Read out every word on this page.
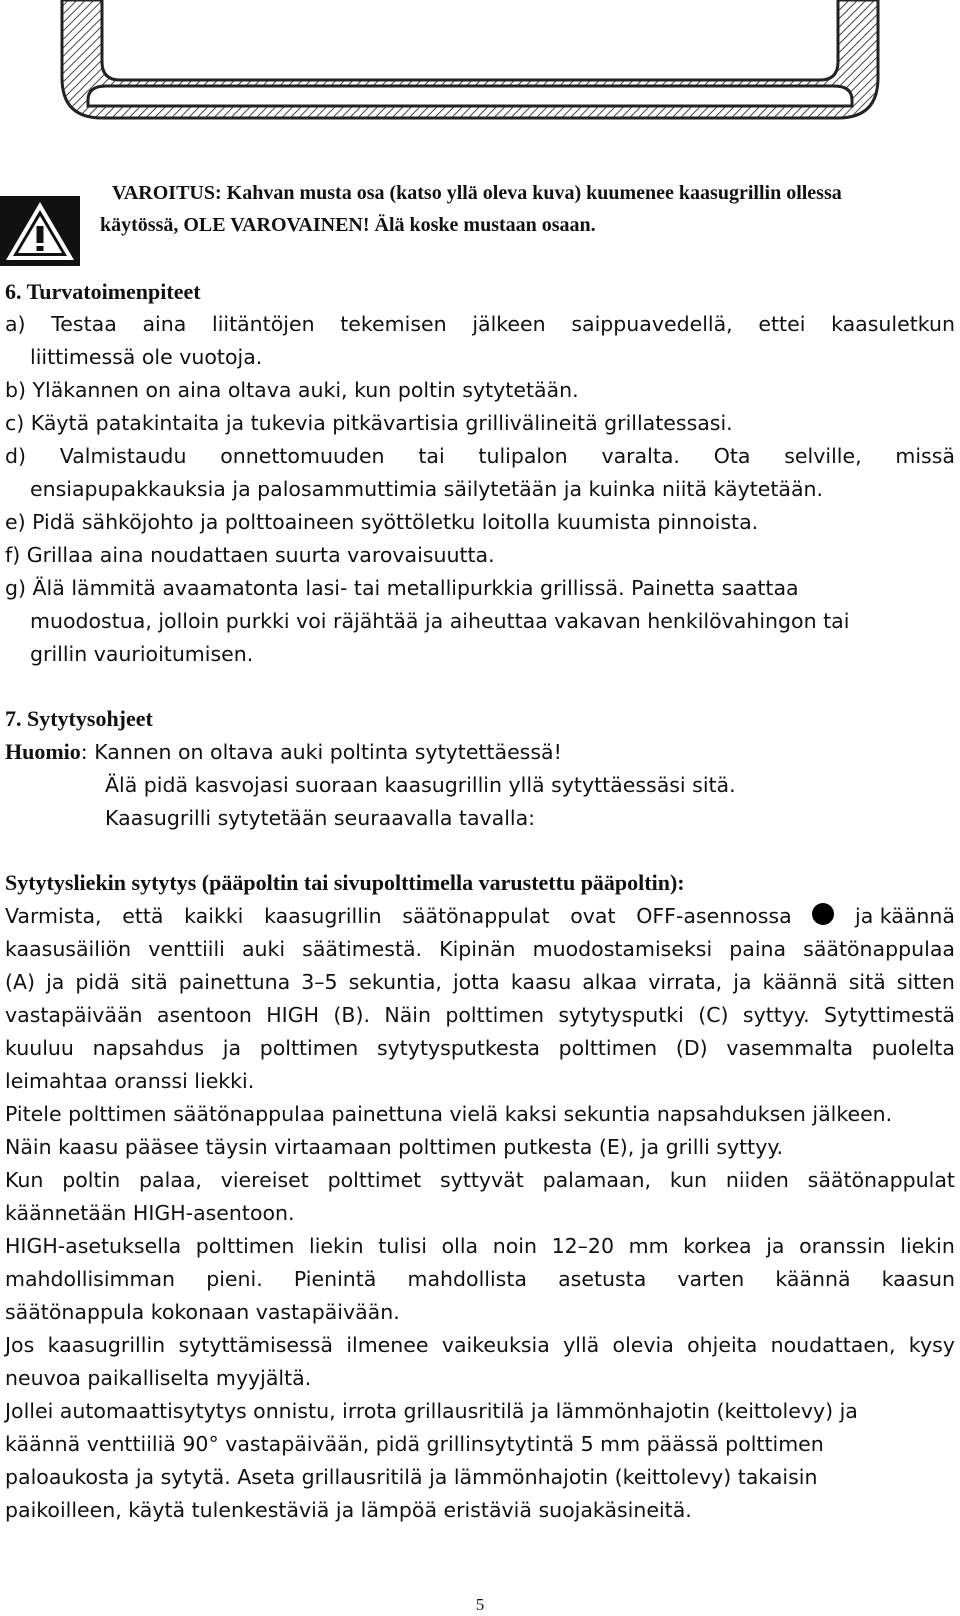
VAROITUS: Kahvan musta osa (katso yllä oleva kuva) kuumenee kaasugrillin ollessa
käytössä, OLE VAROVAINEN! Älä koske mustaan osaan.
6. Turvatoimenpiteet
a) Testaa aina liitäntöjen tekemisen jälkeen saippuavedellä, ettei kaasuletkun
liittimessä ole vuotoja.
b) Yläkannen on aina oltava auki, kun poltin sytytetään.
c) Käytä patakintaita ja tukevia pitkävartisia grillivälineitä grillatessasi.
d) Valmistaudu onnettomuuden tai tulipalon varalta. Ota selville, missä
ensiapupakkauksia ja palosammuttimia säilytetään ja kuinka niitä käytetään.
e) Pidä sähköjohto ja polttoaineen syöttöletku loitolla kuumista pinnoista.
f) Grillaa aina noudattaen suurta varovaisuutta.
g) Älä lämmitä avaamatonta lasi- tai metallipurkkia grillissä. Painetta saattaa
muodostua, jolloin purkki voi räjähtää ja aiheuttaa vakavan henkilövahingon tai
grillin vaurioitumisen.
7. Sytytysohjeet
Huomio: Kannen on oltava auki poltinta sytytettäessä!
Älä pidä kasvojasi suoraan kaasugrillin yllä sytyttäessäsi sitä.
Kaasugrilli sytytetään seuraavalla tavalla:
Sytytysliekin sytytys (pääpoltin tai sivupolttimella varustettu pääpoltin):
Varmista, että kaikki kaasugrillin säätönappulat ovat OFF-asennossa	ja käännä
kaasusäiliön venttiili auki säätimestä. Kipinän muodostamiseksi paina säätönappulaa
(A) ja pidä sitä painettuna 3–5 sekuntia, jotta kaasu alkaa virrata, ja käännä sitä sitten
vastapäivään asentoon HIGH (B). Näin polttimen sytytysputki (C) syttyy. Sytyttimestä
kuuluu napsahdus ja polttimen sytytysputkesta polttimen (D) vasemmalta puolelta
leimahtaa oranssi liekki.
Pitele polttimen säätönappulaa painettuna vielä kaksi sekuntia napsahduksen jälkeen.
Näin kaasu pääsee täysin virtaamaan polttimen putkesta (E), ja grilli syttyy.
Kun poltin palaa, viereiset polttimet syttyvät palamaan, kun niiden säätönappulat
käännetään HIGH-asentoon.
HIGH-asetuksella polttimen liekin tulisi olla noin 12–20 mm korkea ja oranssin liekin
mahdollisimman pieni. Pienintä mahdollista asetusta varten käännä kaasun
säätönappula kokonaan vastapäivään.
Jos kaasugrillin sytyttämisessä ilmenee vaikeuksia yllä olevia ohjeita noudattaen, kysy
neuvoa paikalliselta myyjältä.
Jollei automaattisytytys onnistu, irrota grillausritilä ja lämmönhajotin (keittolevy) ja
käännä venttiiliä 90° vastapäivään, pidä grillinsytytintä 5 mm päässä polttimen
paloaukosta ja sytytä. Aseta grillausritilä ja lämmönhajotin (keittolevy) takaisin
paikoilleen, käytä tulenkestäviä ja lämpöä eristäviä suojakäsineitä.
5
